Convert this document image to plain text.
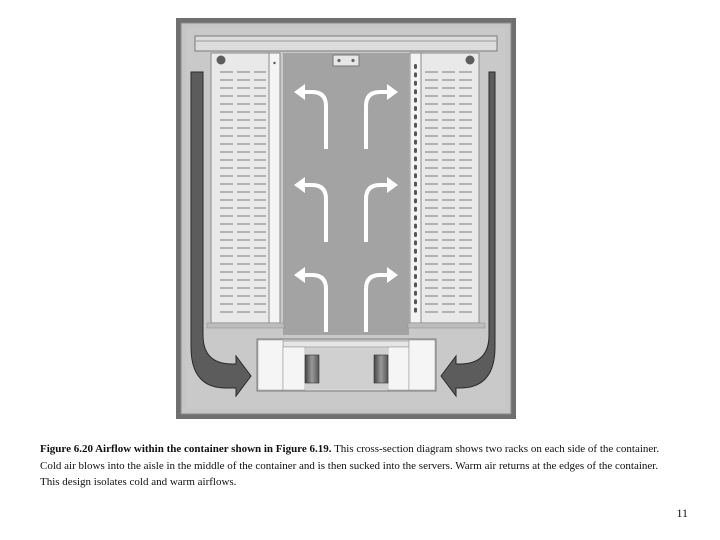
Figure 6.20 Airflow within the container shown in Figure 6.19. This cross-section diagram shows two racks on each side of the container. Cold air blows into the aisle in the middle of the container and is then sucked into the servers. Warm air returns at the edges of the container. This design isolates cold and warm airflows.

11
